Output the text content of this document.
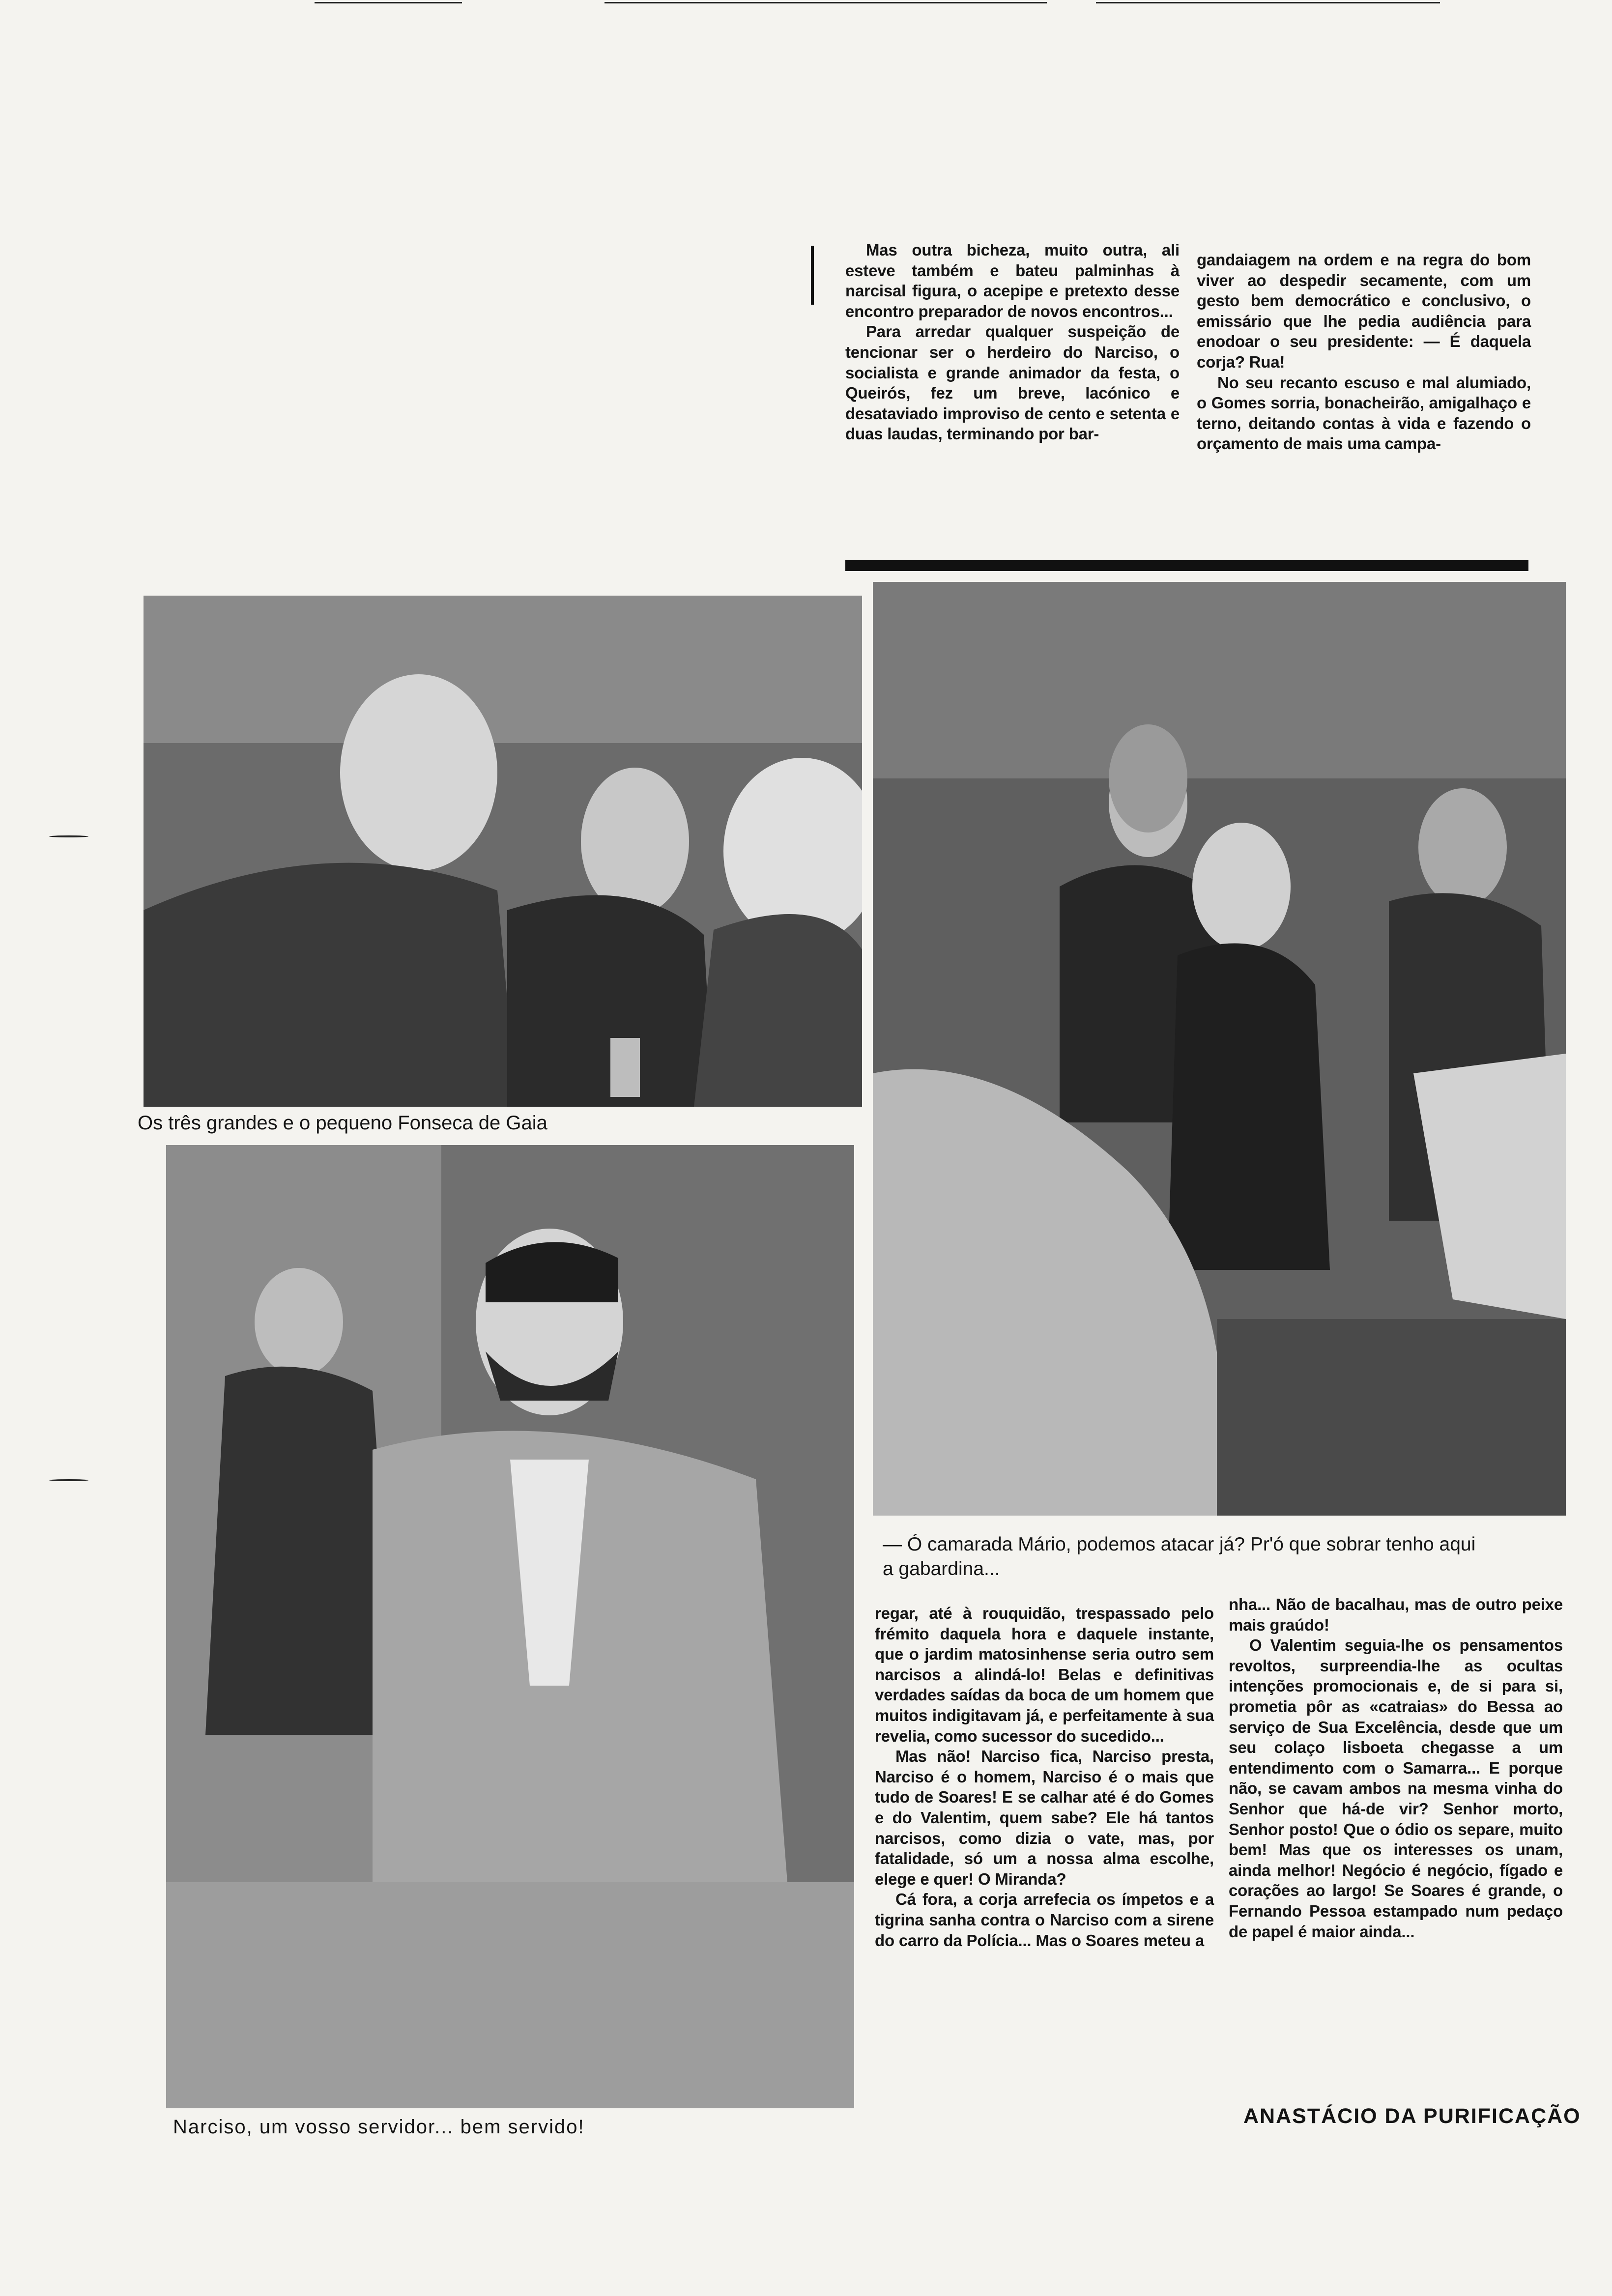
Mas outra bicheza, muito outra, ali esteve também e bateu palminhas à narcisal figura, o acepipe e pretexto desse encontro preparador de novos encontros...

Para arredar qualquer suspeição de tencionar ser o herdeiro do Narciso, o socialista e grande animador da festa, o Queirós, fez um breve, lacónico e desataviado improviso de cento e setenta e duas laudas, terminando por bar-

gandaiagem na ordem e na regra do bom viver ao despedir secamente, com um gesto bem democrático e conclusivo, o emissário que lhe pedia audiência para enodoar o seu presidente: — É daquela corja? Rua!

No seu recanto escuso e mal alumiado, o Gomes sorria, bonacheirão, amigalhaço e terno, deitando contas à vida e fazendo o orçamento de mais uma campa-

Os três grandes e o pequeno Fonseca de Gaia
— Ó camarada Mário, podemos atacar já? Pr'ó que sobrar tenho aqui
a gabardina...
Narciso, um vosso servidor... bem servido!

regar, até à rouquidão, trespassado pelo frémito daquela hora e daquele instante, que o jardim matosinhense seria outro sem narcisos a alindá-lo! Belas e definitivas verdades saídas da boca de um homem que muitos indigitavam já, e perfeitamente à sua revelia, como sucessor do sucedido...

Mas não! Narciso fica, Narciso presta, Narciso é o homem, Narciso é o mais que tudo de Soares! E se calhar até é do Gomes e do Valentim, quem sabe? Ele há tantos narcisos, como dizia o vate, mas, por fatalidade, só um a nossa alma escolhe, elege e quer! O Miranda?

Cá fora, a corja arrefecia os ímpetos e a tigrina sanha contra o Narciso com a sirene do carro da Polícia... Mas o Soares meteu a

nha... Não de bacalhau, mas de outro peixe mais graúdo!

O Valentim seguia-lhe os pensamentos revoltos, surpreendia-lhe as ocultas intenções promocionais e, de si para si, prometia pôr as «catraias» do Bessa ao serviço de Sua Excelência, desde que um seu colaço lisboeta chegasse a um entendimento com o Samarra... E porque não, se cavam ambos na mesma vinha do Senhor que há-de vir? Senhor morto, Senhor posto! Que o ódio os separe, muito bem! Mas que os interesses os unam, ainda melhor! Negócio é negócio, fígado e corações ao largo! Se Soares é grande, o Fernando Pessoa estampado num pedaço de papel é maior ainda...

ANASTÁCIO DA PURIFICAÇÃO
